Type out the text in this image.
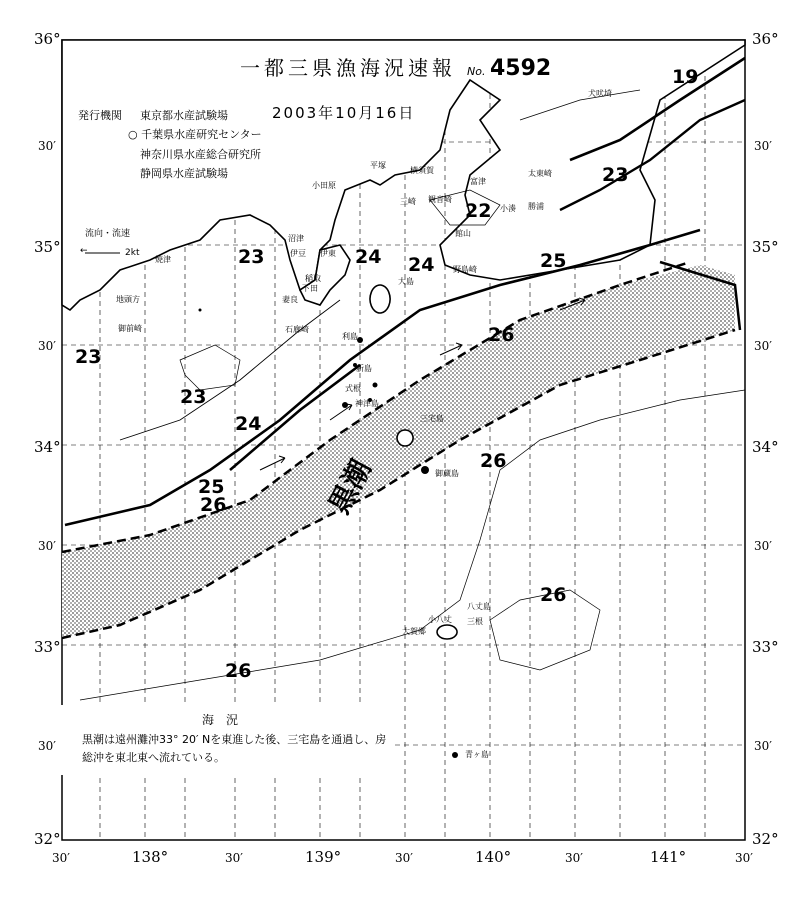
36°
30′
35°
30′
34°
30′
33°
30′
32°
36°
30′
35°
30′
34°
30′
33°
30′
32°
30′	138°	30′	139°	30′	140°	30′	141°	30′
一都三県漁海況速報 No. 4592
2003年10月16日
発行機関 東京都水産試験場
○ 千葉県水産研究センター
神奈川県水産総合研究所
静岡県水産試験場
流向・流速
←	2kt
犬吠埼
太東崎
小湊 勝浦
平塚
小田原
横須賀
富津
観音崎
三崎
館山
野島崎
伊東
沼津
伊豆
稲取
下田
妻良
石廊崎
大島
利島
新島
式根
神津島
三宅島
御蔵島
八丈島
小八丈 三根
大賀郷
青ヶ島
焼津
御前崎
地頭方
19
23
22
24 24	25
23
26
23
23
24
26
25
26
26
26
黒潮
海　況
黒潮は遠州灘沖33° 20′ Nを東進した後、三宅島を通過し、房総沖を東北東へ流れている。
